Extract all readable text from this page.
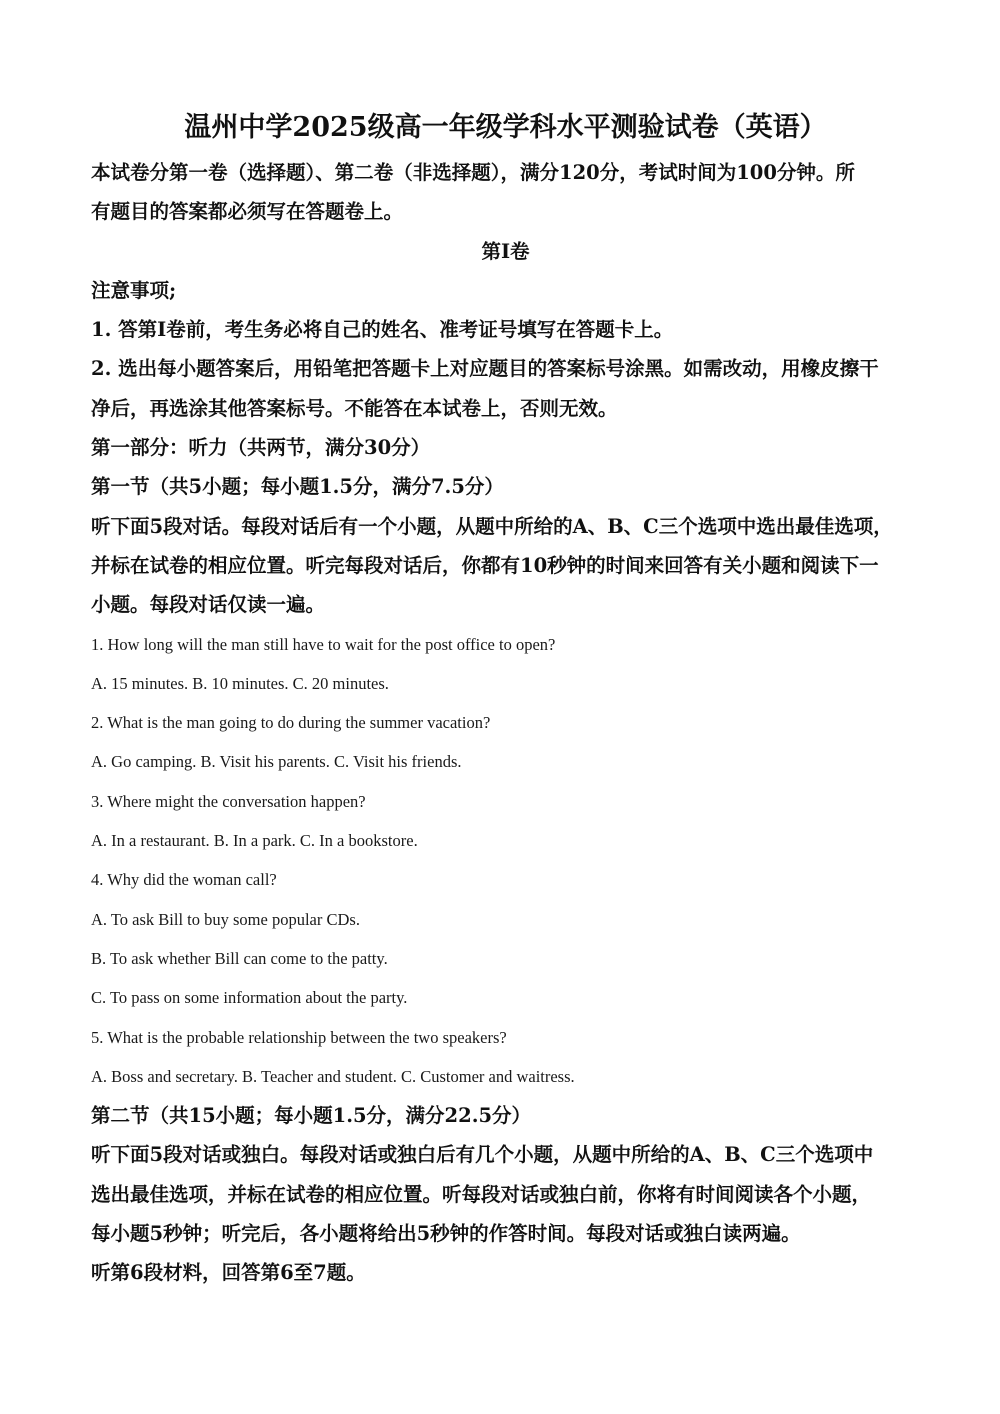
温州中学2025级高一年级学科水平测验试卷（英语）

本试卷分第一卷（选择题）、第二卷（非选择题），满分120分，考试时间为100分钟。所

有题目的答案都必须写在答题卷上。

第Ⅰ卷

注意事项;

1. 答第Ⅰ卷前，考生务必将自己的姓名、准考证号填写在答题卡上。

2. 选出每小题答案后，用铅笔把答题卡上对应题目的答案标号涂黑。如需改动，用橡皮擦干

净后，再选涂其他答案标号。不能答在本试卷上，否则无效。

第一部分：听力（共两节，满分30分）

第一节（共5小题；每小题1.5分，满分7.5分）

听下面5段对话。每段对话后有一个小题，从题中所给的A、B、C三个选项中选出最佳选项，

并标在试卷的相应位置。听完每段对话后，你都有10秒钟的时间来回答有关小题和阅读下一

小题。每段对话仅读一遍。

1. How long will the man still have to wait for the post office to open?

A. 15 minutes. B. 10 minutes. C. 20 minutes.

2. What is the man going to do during the summer vacation?

A. Go camping. B. Visit his parents. C. Visit his friends.

3. Where might the conversation happen?

A. In a restaurant. B. In a park. C. In a bookstore.

4. Why did the woman call?

A. To ask Bill to buy some popular CDs.

B. To ask whether Bill can come to the patty.

C. To pass on some information about the party.

5. What is the probable relationship between the two speakers?

A. Boss and secretary. B. Teacher and student. C. Customer and waitress.

第二节（共15小题；每小题1.5分，满分22.5分）

听下面5段对话或独白。每段对话或独白后有几个小题，从题中所给的A、B、C三个选项中

选出最佳选项，并标在试卷的相应位置。听每段对话或独白前，你将有时间阅读各个小题，

每小题5秒钟；听完后，各小题将给出5秒钟的作答时间。每段对话或独白读两遍。

听第6段材料，回答第6至7题。
